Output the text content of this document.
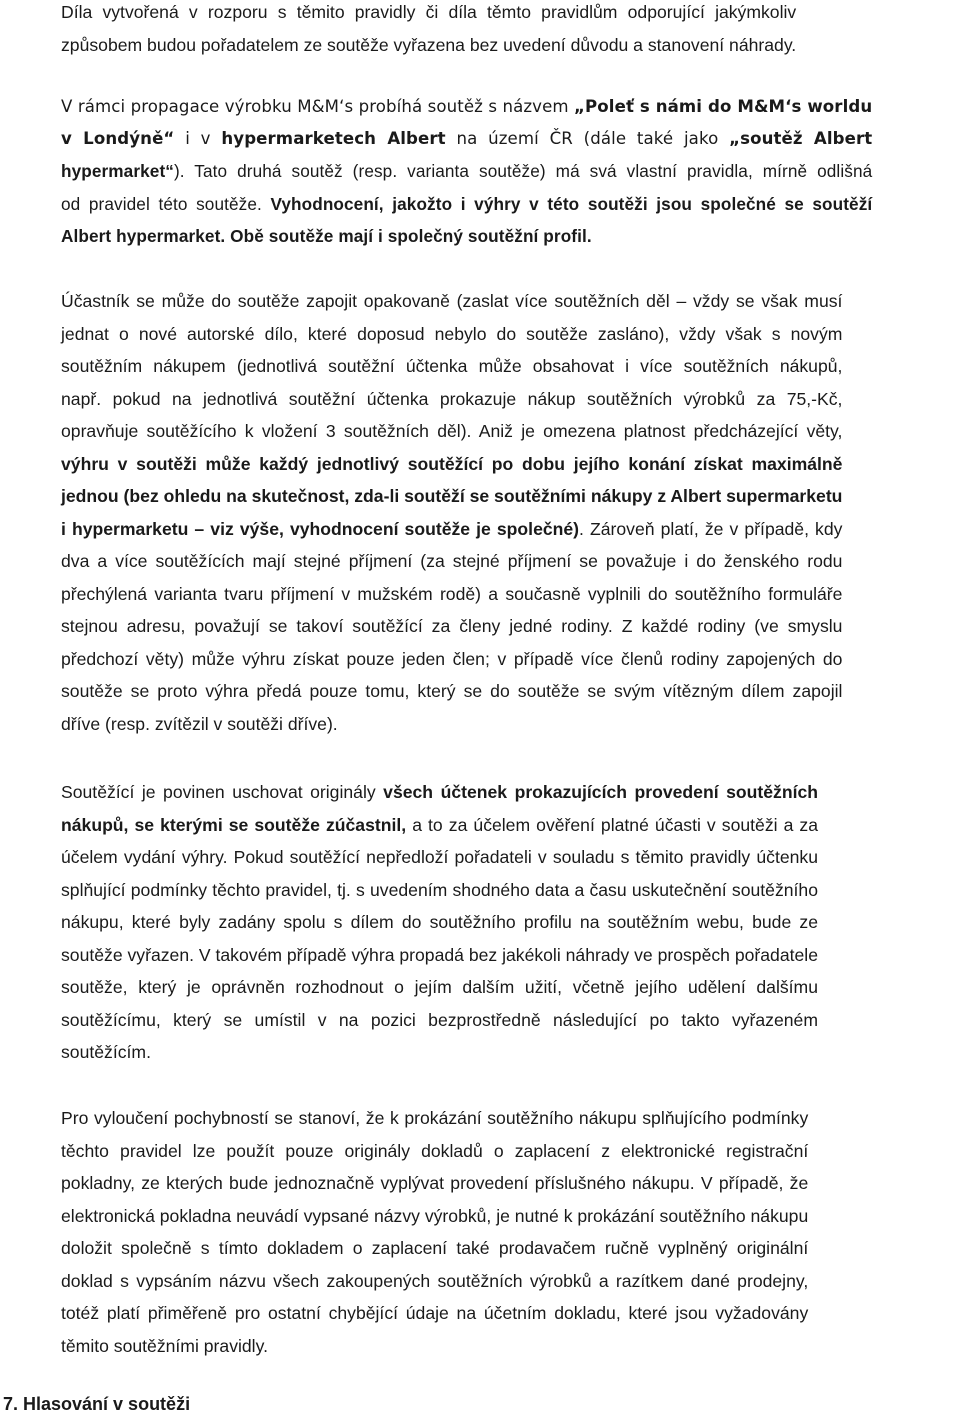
Díla vytvořená v rozporu s těmito pravidly či díla těmto pravidlům odporující jakýmkoliv
způsobem budou pořadatelem ze soutěže vyřazena bez uvedení důvodu a stanovení náhrady.

V rámci propagace výrobku M&M‘s probíhá soutěž s názvem „Poleť s námi do M&M‘s worldu
v Londýně“ i v hypermarketech Albert na území ČR (dále také jako „soutěž Albert
hypermarket“). Tato druhá soutěž (resp. varianta soutěže) má svá vlastní pravidla, mírně odlišná
od pravidel této soutěže. Vyhodnocení, jakožto i výhry v této soutěži jsou společné se soutěží
Albert hypermarket. Obě soutěže mají i společný soutěžní profil.

Účastník se může do soutěže zapojit opakovaně (zaslat více soutěžních děl – vždy se však musí
jednat o nové autorské dílo, které doposud nebylo do soutěže zasláno), vždy však s novým
soutěžním nákupem (jednotlivá soutěžní účtenka může obsahovat i více soutěžních nákupů,
např. pokud na jednotlivá soutěžní účtenka prokazuje nákup soutěžních výrobků za 75,-Kč,
opravňuje soutěžícího k vložení 3 soutěžních děl). Aniž je omezena platnost předcházející věty,
výhru v soutěži může každý jednotlivý soutěžící po dobu jejího konání získat maximálně
jednou (bez ohledu na skutečnost, zda-li soutěží se soutěžními nákupy z Albert supermarketu
i hypermarketu – viz výše, vyhodnocení soutěže je společné). Zároveň platí, že v případě, kdy
dva a více soutěžících mají stejné příjmení (za stejné příjmení se považuje i do ženského rodu
přechýlená varianta tvaru příjmení v mužském rodě) a současně vyplnili do soutěžního formuláře
stejnou adresu, považují se takoví soutěžící za členy jedné rodiny. Z každé rodiny (ve smyslu
předchozí věty) může výhru získat pouze jeden člen; v případě více členů rodiny zapojených do
soutěže se proto výhra předá pouze tomu, který se do soutěže se svým vítězným dílem zapojil
dříve (resp. zvítězil v soutěži dříve).

Soutěžící je povinen uschovat originály všech účtenek prokazujících provedení soutěžních
nákupů, se kterými se soutěže zúčastnil, a to za účelem ověření platné účasti v soutěži a za
účelem vydání výhry. Pokud soutěžící nepředloží pořadateli v souladu s těmito pravidly účtenku
splňující podmínky těchto pravidel, tj. s uvedením shodného data a času uskutečnění soutěžního
nákupu, které byly zadány spolu s dílem do soutěžního profilu na soutěžním webu, bude ze
soutěže vyřazen. V takovém případě výhra propadá bez jakékoli náhrady ve prospěch pořadatele
soutěže, který je oprávněn rozhodnout o jejím dalším užití, včetně jejího udělení dalšímu
soutěžícímu, který se umístil v na pozici bezprostředně následující po takto vyřazeném
soutěžícím.

Pro vyloučení pochybností se stanoví, že k prokázání soutěžního nákupu splňujícího podmínky
těchto pravidel lze použít pouze originály dokladů o zaplacení z elektronické registrační
pokladny, ze kterých bude jednoznačně vyplývat provedení příslušného nákupu. V případě, že
elektronická pokladna neuvádí vypsané názvy výrobků, je nutné k prokázání soutěžního nákupu
doložit společně s tímto dokladem o zaplacení také prodavačem ručně vyplněný originální
doklad s vypsáním názvu všech zakoupených soutěžních výrobků a razítkem dané prodejny,
totéž platí přiměřeně pro ostatní chybějící údaje na účetním dokladu, které jsou vyžadovány
těmito soutěžními pravidly.

7. Hlasování v soutěži
